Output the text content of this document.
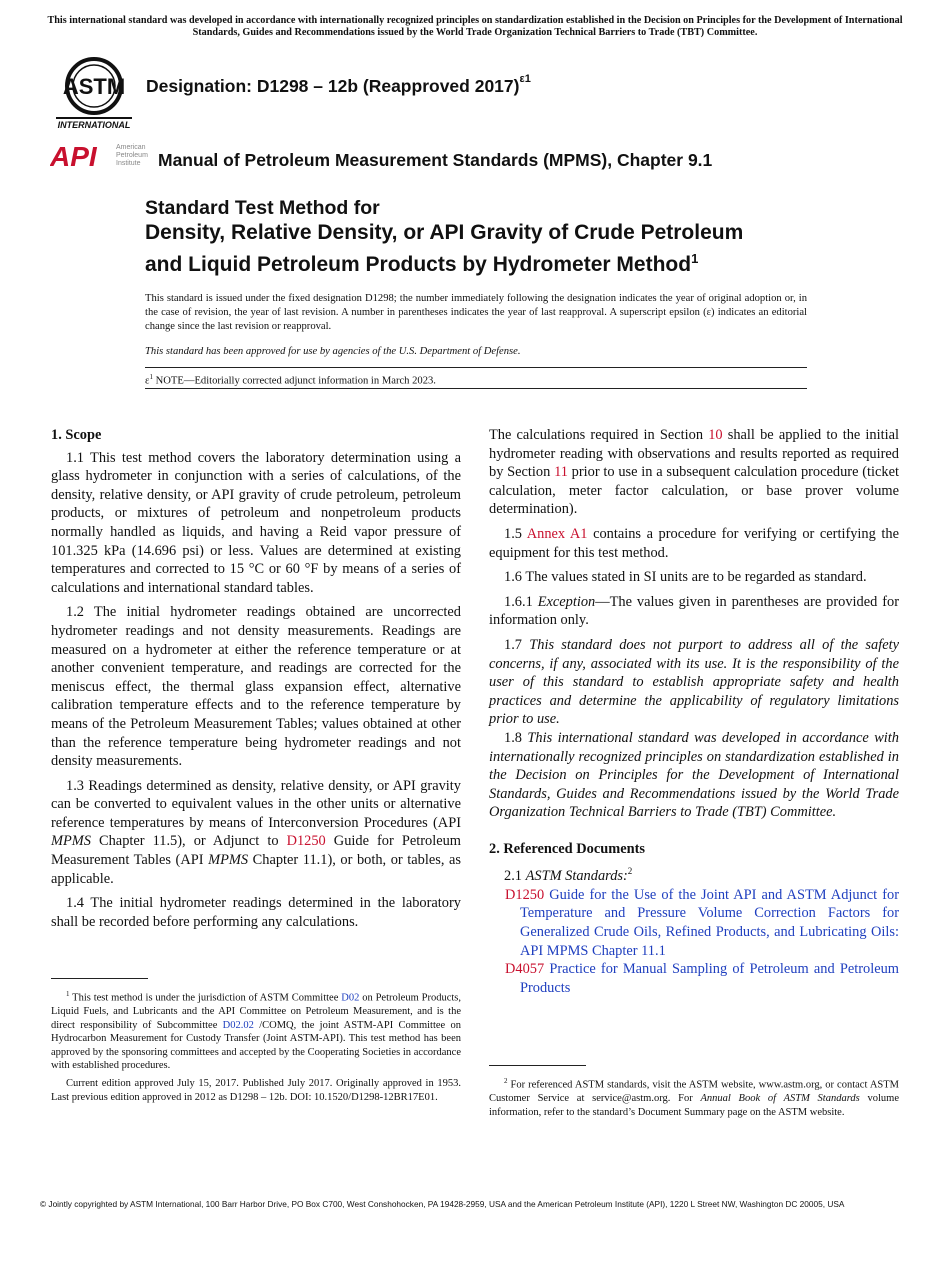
This international standard was developed in accordance with internationally recognized principles on standardization established in the Decision on Principles for the Development of International Standards, Guides and Recommendations issued by the World Trade Organization Technical Barriers to Trade (TBT) Committee.
ASTM
INTERNATIONAL
Designation: D1298 – 12b (Reapproved 2017)$^{\varepsilon 1}$
API	American
Petroleum
Institute Manual of Petroleum Measurement Standards (MPMS), Chapter 9.1
Standard Test Method for
Density, Relative Density, or API Gravity of Crude Petroleum
and Liquid Petroleum Products by Hydrometer Method$^1$
This standard is issued under the fixed designation D1298; the number immediately following the designation indicates the year of original adoption or, in the case of revision, the year of last revision. A number in parentheses indicates the year of last reapproval. A superscript epsilon (ε) indicates an editorial change since the last revision or reapproval.
This standard has been approved for use by agencies of the U.S. Department of Defense.
$\varepsilon^1$ NOTE—Editorially corrected adjunct information in March 2023.
1. Scope

1.1 This test method covers the laboratory determination using a glass hydrometer in conjunction with a series of calculations, of the density, relative density, or API gravity of crude petroleum, petroleum products, or mixtures of petroleum and nonpetroleum products normally handled as liquids, and having a Reid vapor pressure of 101.325 kPa (14.696 psi) or less. Values are determined at existing temperatures and corrected to 15 °C or 60 °F by means of a series of calculations and international standard tables.

1.2 The initial hydrometer readings obtained are uncorrected hydrometer readings and not density measurements. Readings are measured on a hydrometer at either the reference temperature or at another convenient temperature, and readings are corrected for the meniscus effect, the thermal glass expansion effect, alternative calibration temperature effects and to the reference temperature by means of the Petroleum Measurement Tables; values obtained at other than the reference temperature being hydrometer readings and not density measurements.

1.3 Readings determined as density, relative density, or API gravity can be converted to equivalent values in the other units or alternative reference temperatures by means of Interconversion Procedures (API MPMS Chapter 11.5), or Adjunct to D1250 Guide for Petroleum Measurement Tables (API MPMS Chapter 11.1), or both, or tables, as applicable.

1.4 The initial hydrometer readings determined in the laboratory shall be recorded before performing any calculations.

$^1$ This test method is under the jurisdiction of ASTM Committee D02 on Petroleum Products, Liquid Fuels, and Lubricants and the API Committee on Petroleum Measurement, and is the direct responsibility of Subcommittee D02.02 /COMQ, the joint ASTM-API Committee on Hydrocarbon Measurement for Custody Transfer (Joint ASTM-API). This test method has been approved by the sponsoring committees and accepted by the Cooperating Societies in accordance with established procedures.

Current edition approved July 15, 2017. Published July 2017. Originally approved in 1953. Last previous edition approved in 2012 as D1298 – 12b. DOI: 10.1520/D1298-12BR17E01.

The calculations required in Section 10 shall be applied to the initial hydrometer reading with observations and results reported as required by Section 11 prior to use in a subsequent calculation procedure (ticket calculation, meter factor calculation, or base prover volume determination).

1.5 Annex A1 contains a procedure for verifying or certifying the equipment for this test method.

1.6 The values stated in SI units are to be regarded as standard.

1.6.1 Exception—The values given in parentheses are provided for information only.

1.7 This standard does not purport to address all of the safety concerns, if any, associated with its use. It is the responsibility of the user of this standard to establish appropriate safety and health practices and determine the applicability of regulatory limitations prior to use.

1.8 This international standard was developed in accordance with internationally recognized principles on standardization established in the Decision on Principles for the Development of International Standards, Guides and Recommendations issued by the World Trade Organization Technical Barriers to Trade (TBT) Committee.

2. Referenced Documents

2.1 ASTM Standards:$^2$

D1250 Guide for the Use of the Joint API and ASTM Adjunct for Temperature and Pressure Volume Correction Factors for Generalized Crude Oils, Refined Products, and Lubricating Oils: API MPMS Chapter 11.1

D4057 Practice for Manual Sampling of Petroleum and Petroleum Products

$^2$ For referenced ASTM standards, visit the ASTM website, www.astm.org, or contact ASTM Customer Service at service@astm.org. For Annual Book of ASTM Standards volume information, refer to the standard’s Document Summary page on the ASTM website.

© Jointly copyrighted by ASTM International, 100 Barr Harbor Drive, PO Box C700, West Conshohocken, PA 19428-2959, USA and the American Petroleum Institute (API), 1220 L Street NW, Washington DC 20005, USA
